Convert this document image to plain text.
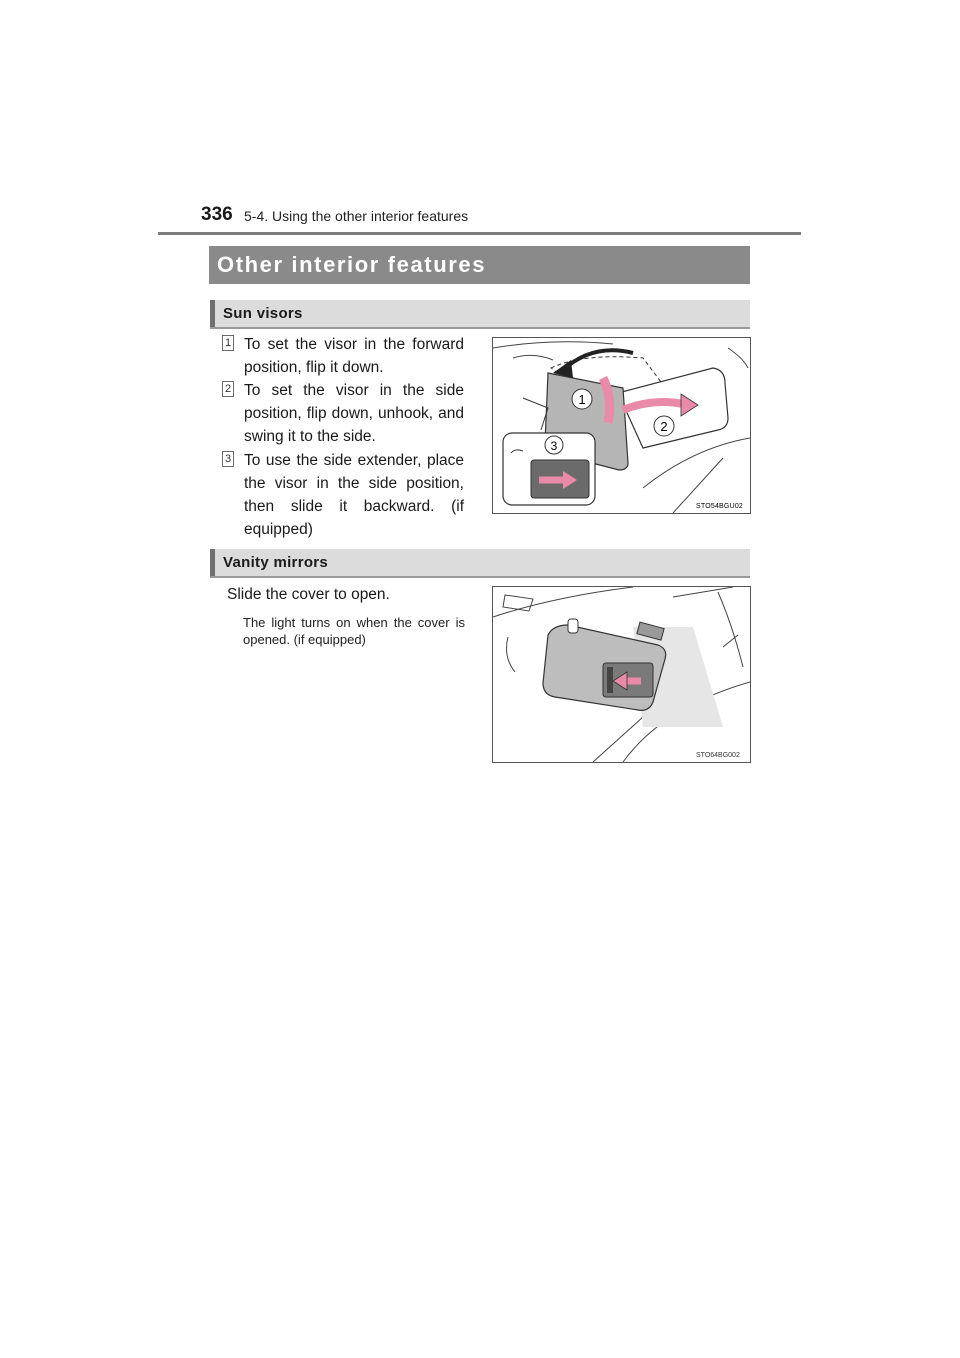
336 5-4. Using the other interior features
Other interior features
Sun visors
1 To set the visor in the forward position, flip it down.
2 To set the visor in the side position, flip down, unhook, and swing it to the side.
3 To use the side extender, place the visor in the side position, then slide it backward. (if equipped)
1
2
3
STO54BGU02
Vanity mirrors
Slide the cover to open.
The light turns on when the cover is opened. (if equipped)
STO64BG002
